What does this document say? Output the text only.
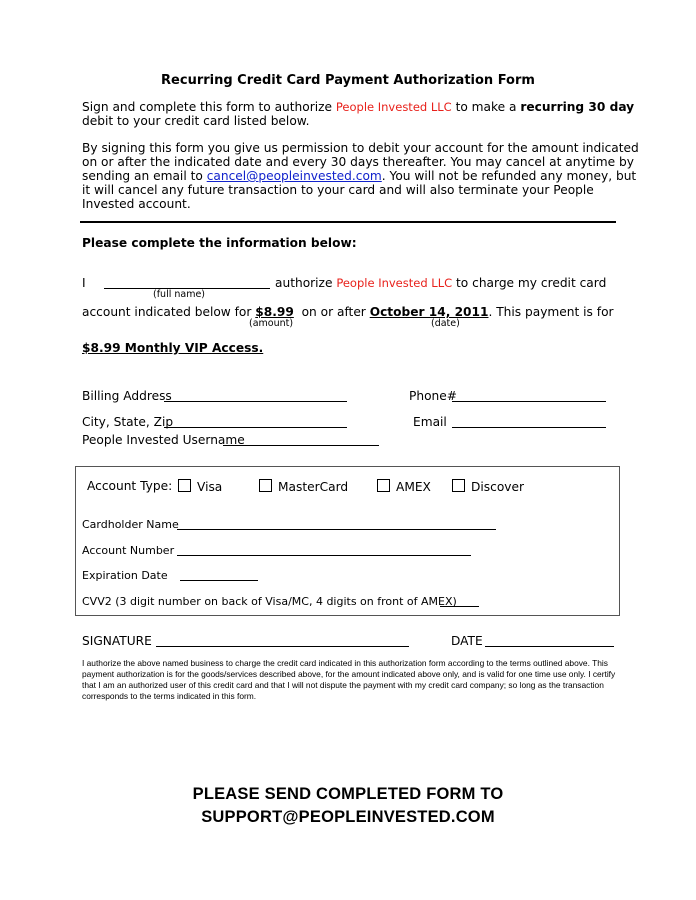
Recurring Credit Card Payment Authorization Form
Sign and complete this form to authorize People Invested LLC to make a recurring 30 day
debit to your credit card listed below.
By signing this form you give us permission to debit your account for the amount indicated
on or after the indicated date and every 30 days thereafter. You may cancel at anytime by
sending an email to cancel@peopleinvested.com. You will not be refunded any money, but
it will cancel any future transaction to your card and will also terminate your People
Invested account.
Please complete the information below:
I
(full name)
authorize People Invested LLC to charge my credit card
account indicated below for $8.99 on or after October 14, 2011. This payment is for
(amount)	(date)
$8.99 Monthly VIP Access.
Billing Address	Phone#
City, State, Zip	Email
People Invested Username
Account Type:	Visa	MasterCard	AMEX	Discover
Cardholder Name
Account Number
Expiration Date
CVV2 (3 digit number on back of Visa/MC, 4 digits on front of AMEX)
SIGNATURE	DATE

I authorize the above named business to charge the credit card indicated in this authorization form according to the terms outlined above. This payment authorization is for the goods/services described above, for the amount indicated above only, and is valid for one time use only. I certify that I am an authorized user of this credit card and that I will not dispute the payment with my credit card company; so long as the transaction corresponds to the terms indicated in this form.

PLEASE SEND COMPLETED FORM TO
SUPPORT@PEOPLEINVESTED.COM
